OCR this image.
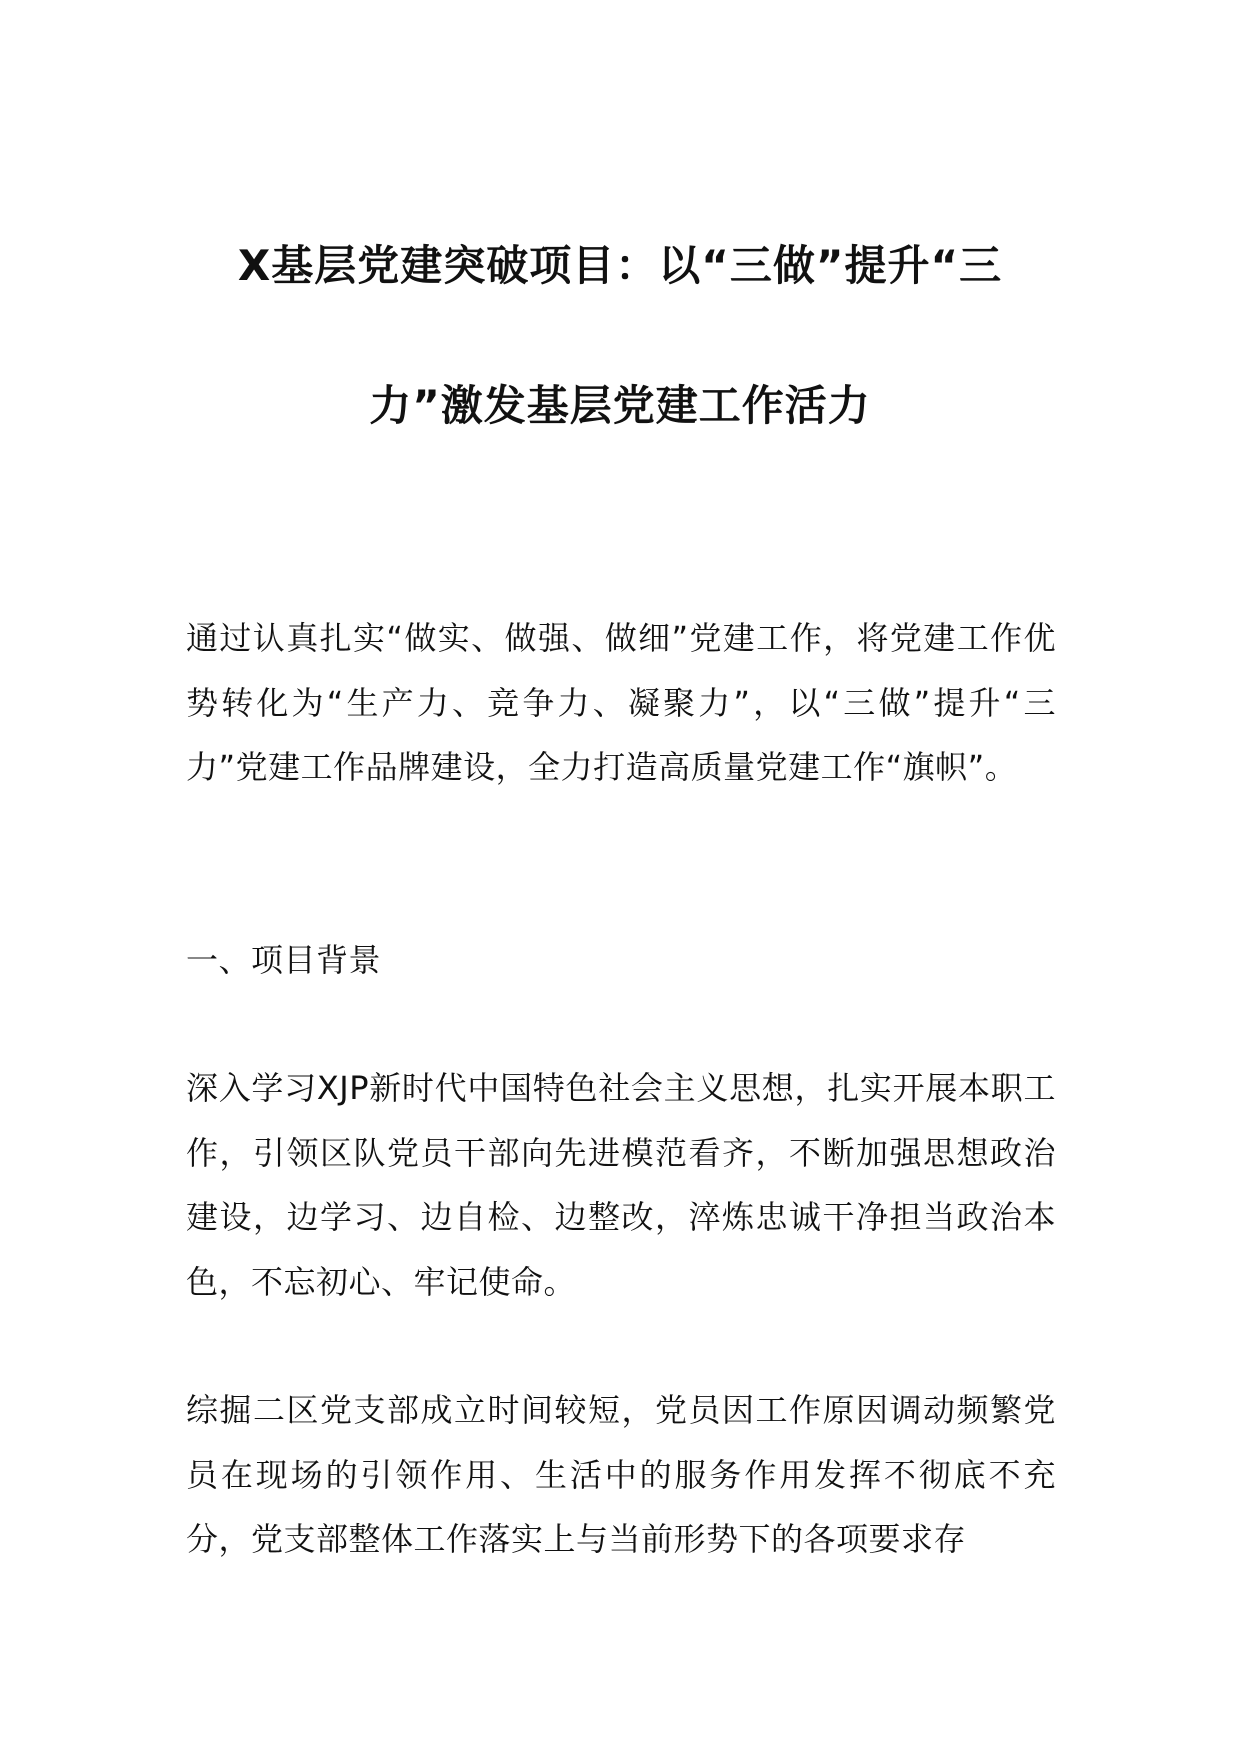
X基层党建突破项目：以“三做”提升“三力”激发基层党建工作活力

通过认真扎实“做实、做强、做细”党建工作，将党建工作优势转化为“生产力、竞争力、凝聚力”，以“三做”提升“三力”党建工作品牌建设，全力打造高质量党建工作“旗帜”。

一、项目背景

深入学习XJP新时代中国特色社会主义思想，扎实开展本职工作，引领区队党员干部向先进模范看齐，不断加强思想政治建设，边学习、边自检、边整改，淬炼忠诚干净担当政治本色，不忘初心、牢记使命。

综掘二区党支部成立时间较短，党员因工作原因调动频繁党员在现场的引领作用、生活中的服务作用发挥不彻底不充分，党支部整体工作落实上与当前形势下的各项要求存
